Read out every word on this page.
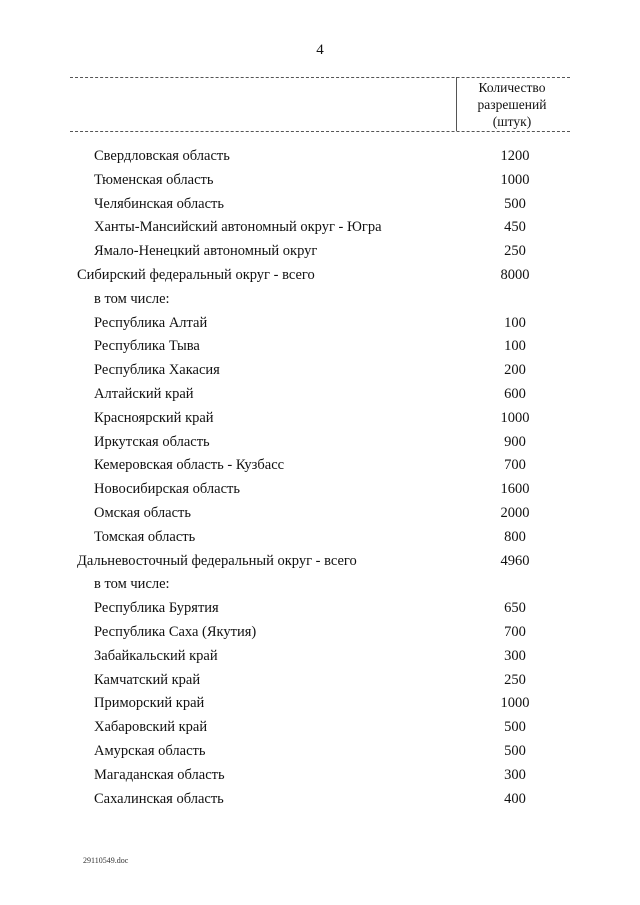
4
Количество
разрешений
(штук)
Свердловская область	1200
Тюменская область	1000
Челябинская область	500
Ханты-Мансийский автономный округ - Югра	450
Ямало-Ненецкий автономный округ	250
Сибирский федеральный округ - всего	8000
в том числе:
Республика Алтай	100
Республика Тыва	100
Республика Хакасия	200
Алтайский край	600
Красноярский край	1000
Иркутская область	900
Кемеровская область - Кузбасс	700
Новосибирская область	1600
Омская область	2000
Томская область	800
Дальневосточный федеральный округ - всего	4960
в том числе:
Республика Бурятия	650
Республика Саха (Якутия)	700
Забайкальский край	300
Камчатский край	250
Приморский край	1000
Хабаровский край	500
Амурская область	500
Магаданская область	300
Сахалинская область	400
29110549.doc
